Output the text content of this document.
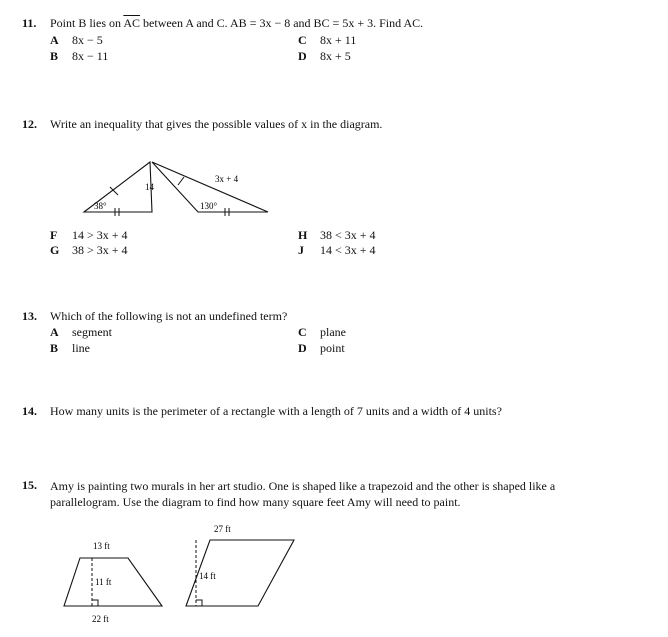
11. Point B lies on $\overline{AC}$ between A and C. AB = 3x − 8 and BC = 5x + 3. Find AC.
A 8x − 5	C 8x + 11
B 8x − 11	D 8x + 5
12. Write an inequality that gives the possible values of x in the diagram.
38°
14
130°
3x + 4
F 14 > 3x + 4	H 38 < 3x + 4
G 38 > 3x + 4	J 14 < 3x + 4
13. Which of the following is not an undefined term?
A segment	C plane
B line	D point
14. How many units is the perimeter of a rectangle with a length of 7 units and a width of 4 units?
15. Amy is painting two murals in her art studio. One is shaped like a trapezoid and the other is shaped like a parallelogram. Use the diagram to find how many square feet Amy will need to paint.
13 ft
11 ft
22 ft
27 ft
14 ft
